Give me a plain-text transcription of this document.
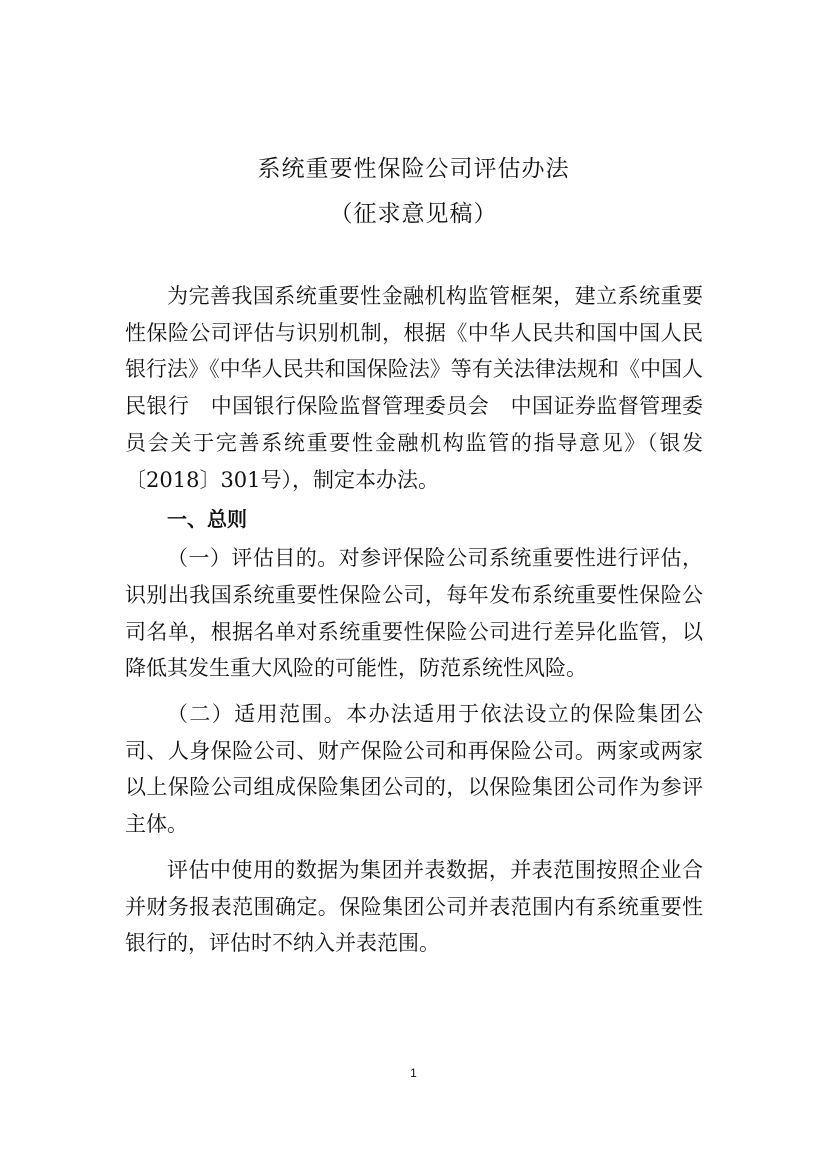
系统重要性保险公司评估办法
（征求意见稿）

为完善我国系统重要性金融机构监管框架，建立系统重要性保险公司评估与识别机制，根据《中华人民共和国中国人民银行法》《中华人民共和国保险法》等有关法律法规和《中国人民银行　中国银行保险监督管理委员会　中国证券监督管理委员会关于完善系统重要性金融机构监管的指导意见》（银发〔2018〕301号），制定本办法。

一、总则

（一）评估目的。对参评保险公司系统重要性进行评估，识别出我国系统重要性保险公司，每年发布系统重要性保险公司名单，根据名单对系统重要性保险公司进行差异化监管，以降低其发生重大风险的可能性，防范系统性风险。

（二）适用范围。本办法适用于依法设立的保险集团公司、人身保险公司、财产保险公司和再保险公司。两家或两家以上保险公司组成保险集团公司的，以保险集团公司作为参评主体。

评估中使用的数据为集团并表数据，并表范围按照企业合并财务报表范围确定。保险集团公司并表范围内有系统重要性银行的，评估时不纳入并表范围。

1
